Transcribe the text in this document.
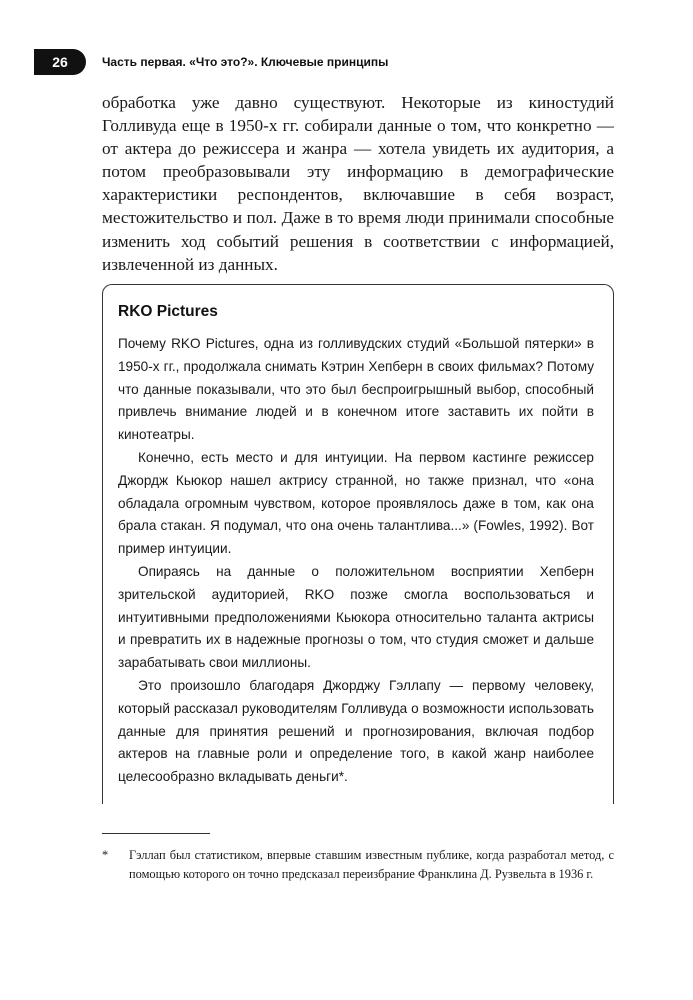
26	Часть первая. «Что это?». Ключевые принципы

обработка уже давно существуют. Некоторые из киностудий Голливуда еще в 1950-х гг. собирали данные о том, что конкретно — от актера до режиссера и жанра — хотела увидеть их аудитория, а потом преобразовывали эту информацию в демографические характеристики респондентов, включавшие в себя возраст, местожительство и пол. Даже в то время люди принимали способные изменить ход событий решения в соответствии с информацией, извлеченной из данных.

RKO Pictures

Почему RKO Pictures, одна из голливудских студий «Большой пятерки» в 1950-х гг., продолжала снимать Кэтрин Хепберн в своих фильмах? Потому что данные показывали, что это был беспроигрышный выбор, способный привлечь внимание людей и в конечном итоге заставить их пойти в кинотеатры.

Конечно, есть место и для интуиции. На первом кастинге режиссер Джордж Кьюкор нашел актрису странной, но также признал, что «она обладала огромным чувством, которое проявлялось даже в том, как она брала стакан. Я подумал, что она очень талантлива...» (Fowles, 1992). Вот пример интуиции.

Опираясь на данные о положительном восприятии Хепберн зрительской аудиторией, RKO позже смогла воспользоваться и интуитивными предположениями Кьюкора относительно таланта актрисы и превратить их в надежные прогнозы о том, что студия сможет и дальше зарабатывать свои миллионы.

Это произошло благодаря Джорджу Гэллапу — первому человеку, который рассказал руководителям Голливуда о возможности использовать данные для принятия решений и прогнозирования, включая подбор актеров на главные роли и определение того, в какой жанр наиболее целесообразно вкладывать деньги*.

* Гэллап был статистиком, впервые ставшим известным публике, когда разработал метод, с помощью которого он точно предсказал переизбрание Франклина Д. Рузвельта в 1936 г.
